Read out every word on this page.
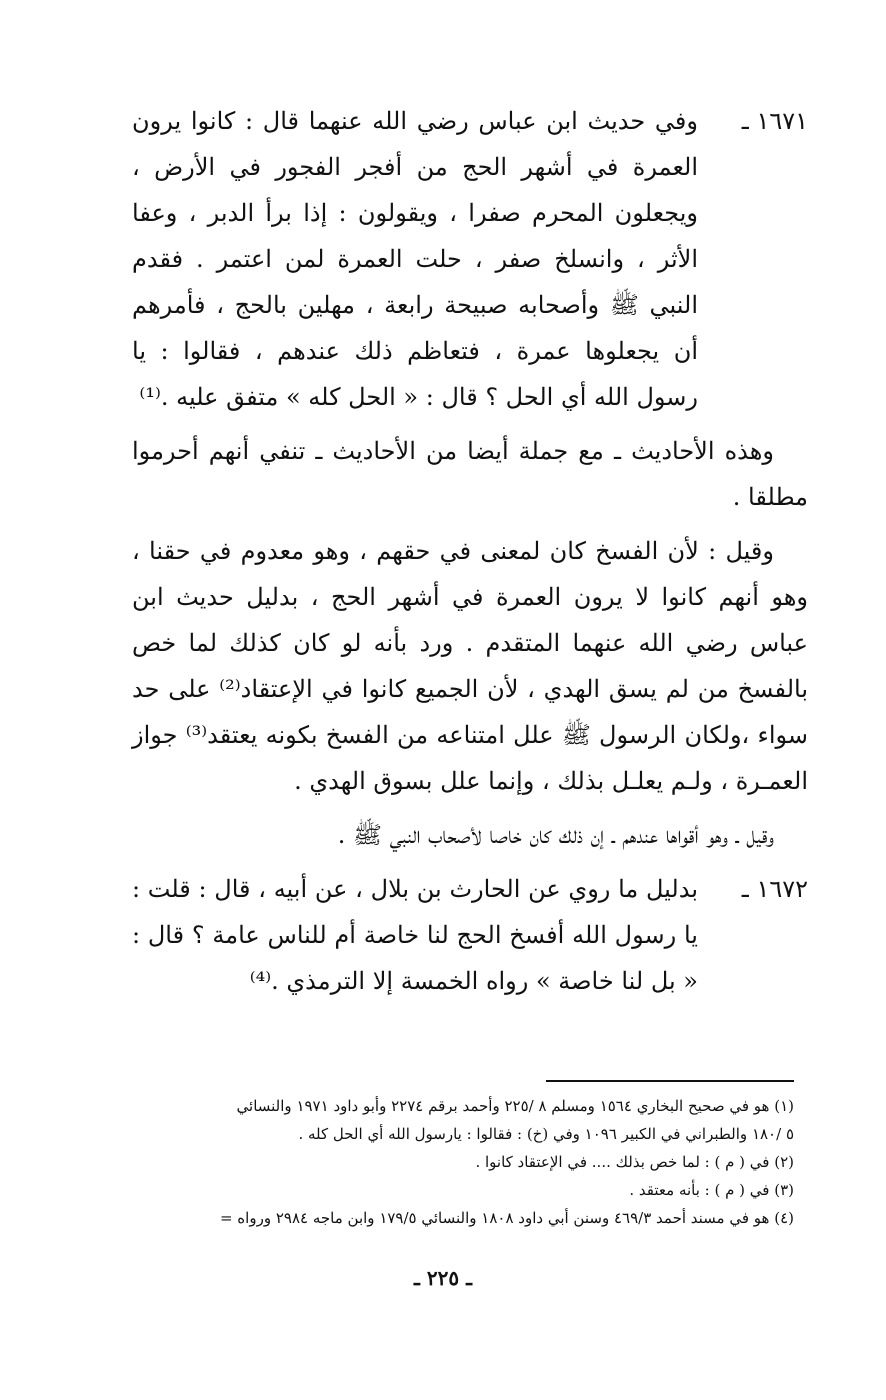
١٦٧١ ـ
وفي حديث ابن عباس رضي الله عنهما قال : كانوا يرون العمرة في أشهر الحج من أفجر الفجور في الأرض ، ويجعلون المحرم صفرا ، ويقولون : إذا برأ الدبر ، وعفا الأثر ، وانسلخ صفر ، حلت العمرة لمن اعتمر . فقدم النبي ﷺ وأصحابه صبيحة رابعة ، مهلين بالحج ، فأمرهم أن يجعلوها عمرة ، فتعاظم ذلك عندهم ، فقالوا : يا رسول الله أي الحل ؟ قال : « الحل كله » متفق عليه .⁽¹⁾

وهذه الأحاديث ـ مع جملة أيضا من الأحاديث ـ تنفي أنهم أحرموا مطلقا .

وقيل : لأن الفسخ كان لمعنى في حقهم ، وهو معدوم في حقنا ، وهو أنهم كانوا لا يرون العمرة في أشهر الحج ، بدليل حديث ابن عباس رضي الله عنهما المتقدم . ورد بأنه لو كان كذلك لما خص بالفسخ من لم يسق الهدي ، لأن الجميع كانوا في الإعتقاد⁽²⁾ على حد سواء ،ولكان الرسول ﷺ علل امتناعه من الفسخ بكونه يعتقد⁽³⁾ جواز العمـرة ، ولـم يعلـل بذلك ، وإنما علل بسوق الهدي .

وقيل ـ وهو أقواها عندهم ـ إن ذلك كان خاصا لأصحاب النبي ﷺ .

١٦٧٢ ـ
بدليل ما روي عن الحارث بن بلال ، عن أبيه ، قال : قلت : يا رسول الله أفسخ الحج لنا خاصة أم للناس عامة ؟ قال : « بل لنا خاصة » رواه الخمسة إلا الترمذي .⁽⁴⁾

(١) هو في صحيح البخاري ١٥٦٤ ومسلم ٨ /٢٢٥ وأحمد برقم ٢٢٧٤ وأبو داود ١٩٧١ والنسائي

٥ /١٨٠ والطبراني في الكبير ١٠٩٦ وفي (خ) : فقالوا : يارسول الله أي الحل كله .

(٢) في ( م ) : لما خص بذلك .... في الإعتقاد كانوا .

(٣) في ( م ) : بأنه معتقد .

(٤) هو في مسند أحمد ٤٦٩/٣ وسنن أبي داود ١٨٠٨ والنسائي ١٧٩/٥ وابن ماجه ٢٩٨٤ ورواه =

ـ ٢٢٥ ـ
